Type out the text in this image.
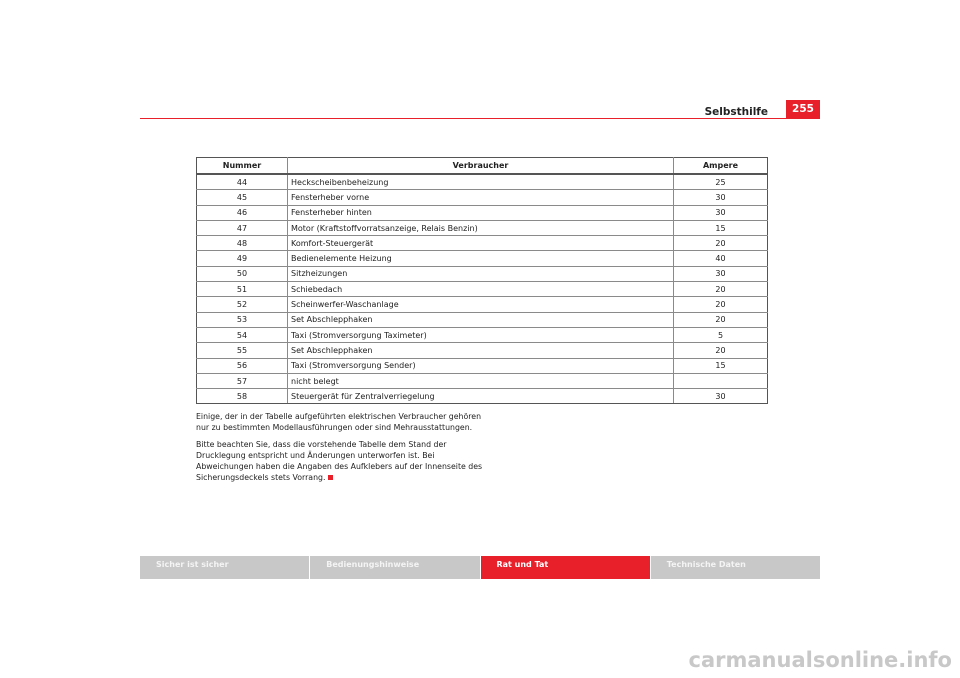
Selbsthilfe	255
Nummer	Verbraucher	Ampere
44	Heckscheibenbeheizung	25
45	Fensterheber vorne	30
46	Fensterheber hinten	30
47	Motor (Kraftstoffvorratsanzeige, Relais Benzin)	15
48	Komfort-Steuergerät	20
49	Bedienelemente Heizung	40
50	Sitzheizungen	30
51	Schiebedach	20
52	Scheinwerfer-Waschanlage	20
53	Set Abschlepphaken	20
54	Taxi (Stromversorgung Taximeter)	5
55	Set Abschlepphaken	20
56	Taxi (Stromversorgung Sender)	15
57	nicht belegt	
58	Steuergerät für Zentralverriegelung	30

Einige, der in der Tabelle aufgeführten elektrischen Verbraucher gehören nur zu bestimmten Modellausführungen oder sind Mehrausstattungen.

Bitte beachten Sie, dass die vorstehende Tabelle dem Stand der Drucklegung entspricht und Änderungen unterworfen ist. Bei Abweichungen haben die Angaben des Aufklebers auf der Innenseite des Sicherungsdeckels stets Vorrang.

Sicher ist sicher	Bedienungshinweise	Rat und Tat	Technische Daten
carmanualsonline.info
